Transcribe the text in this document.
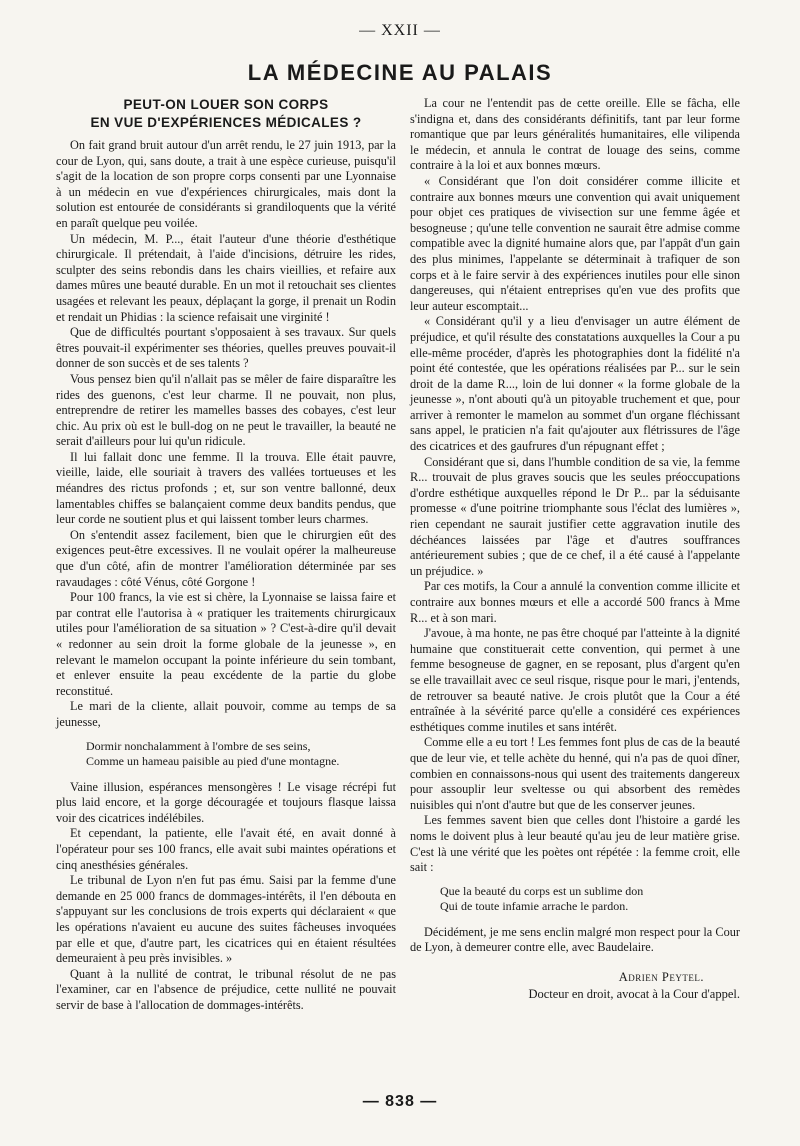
— XXII —
LA MÉDECINE AU PALAIS
PEUT-ON LOUER SON CORPS
EN VUE D'EXPÉRIENCES MÉDICALES ?

On fait grand bruit autour d'un arrêt rendu, le 27 juin 1913, par la cour de Lyon, qui, sans doute, a trait à une espèce curieuse, puisqu'il s'agit de la location de son propre corps consenti par une Lyonnaise à un médecin en vue d'expériences chirurgicales, mais dont la solution est entourée de considérants si grandiloquents que la vérité en paraît quelque peu voilée.

Un médecin, M. P..., était l'auteur d'une théorie d'esthétique chirurgicale. Il prétendait, à l'aide d'incisions, détruire les rides, sculpter des seins rebondis dans les chairs vieillies, et refaire aux dames mûres une beauté durable. En un mot il retouchait ses clientes usagées et relevant les peaux, déplaçant la gorge, il prenait un Rodin et rendait un Phidias : la science refaisait une virginité !

Que de difficultés pourtant s'opposaient à ses travaux. Sur quels êtres pouvait-il expérimenter ses théories, quelles preuves pouvait-il donner de son succès et de ses talents ?

Vous pensez bien qu'il n'allait pas se mêler de faire disparaître les rides des guenons, c'est leur charme. Il ne pouvait, non plus, entreprendre de retirer les mamelles basses des cobayes, c'est leur chic. Au prix où est le bull-dog on ne peut le travailler, la beauté ne serait d'ailleurs pour lui qu'un ridicule.

Il lui fallait donc une femme. Il la trouva. Elle était pauvre, vieille, laide, elle souriait à travers des vallées tortueuses et les méandres des rictus profonds ; et, sur son ventre ballonné, deux lamentables chiffes se balançaient comme deux bandits pendus, que leur corde ne soutient plus et qui laissent tomber leurs charmes.

On s'entendit assez facilement, bien que le chirurgien eût des exigences peut-être excessives. Il ne voulait opérer la malheureuse que d'un côté, afin de montrer l'amélioration déterminée par ses ravaudages : côté Vénus, côté Gorgone !

Pour 100 francs, la vie est si chère, la Lyonnaise se laissa faire et par contrat elle l'autorisa à « pratiquer les traitements chirurgicaux utiles pour l'amélioration de sa situation » ? C'est-à-dire qu'il devait « redonner au sein droit la forme globale de la jeunesse », en relevant le mamelon occupant la pointe inférieure du sein tombant, et enlever ensuite la peau excédente de la partie du globe reconstitué.

Le mari de la cliente, allait pouvoir, comme au temps de sa jeunesse,

Dormir nonchalamment à l'ombre de ses seins,
Comme un hameau paisible au pied d'une montagne.

Vaine illusion, espérances mensongères ! Le visage récrépi fut plus laid encore, et la gorge découragée et toujours flasque laissa voir des cicatrices indélébiles.

Et cependant, la patiente, elle l'avait été, en avait donné à l'opérateur pour ses 100 francs, elle avait subi maintes opérations et cinq anesthésies générales.

Le tribunal de Lyon n'en fut pas ému. Saisi par la femme d'une demande en 25 000 francs de dommages-intérêts, il l'en débouta en s'appuyant sur les conclusions de trois experts qui déclaraient « que les opérations n'avaient eu aucune des suites fâcheuses invoquées par elle et que, d'autre part, les cicatrices qui en étaient résultées demeuraient à peu près invisibles. »

Quant à la nullité de contrat, le tribunal résolut de ne pas l'examiner, car en l'absence de préjudice, cette nullité ne pouvait servir de base à l'allocation de dommages-intérêts.

La cour ne l'entendit pas de cette oreille. Elle se fâcha, elle s'indigna et, dans des considérants définitifs, tant par leur forme romantique que par leurs généralités humanitaires, elle vilipenda le médecin, et annula le contrat de louage des seins, comme contraire à la loi et aux bonnes mœurs.

« Considérant que l'on doit considérer comme illicite et contraire aux bonnes mœurs une convention qui avait uniquement pour objet ces pratiques de vivisection sur une femme âgée et besogneuse ; qu'une telle convention ne saurait être admise comme compatible avec la dignité humaine alors que, par l'appât d'un gain des plus minimes, l'appelante se déterminait à trafiquer de son corps et à le faire servir à des expériences inutiles pour elle sinon dangereuses, qui n'étaient entreprises qu'en vue des profits que leur auteur escomptait...

« Considérant qu'il y a lieu d'envisager un autre élément de préjudice, et qu'il résulte des constatations auxquelles la Cour a pu elle-même procéder, d'après les photographies dont la fidélité n'a point été contestée, que les opérations réalisées par P... sur le sein droit de la dame R..., loin de lui donner « la forme globale de la jeunesse », n'ont abouti qu'à un pitoyable truchement et que, pour arriver à remonter le mamelon au sommet d'un organe fléchissant sans appel, le praticien n'a fait qu'ajouter aux flétrissures de l'âge des cicatrices et des gaufrures d'un répugnant effet ;

Considérant que si, dans l'humble condition de sa vie, la femme R... trouvait de plus graves soucis que les seules préoccupations d'ordre esthétique auxquelles répond le Dr P... par la séduisante promesse « d'une poitrine triomphante sous l'éclat des lumières », rien cependant ne saurait justifier cette aggravation inutile des déchéances laissées par l'âge et d'autres souffrances antérieurement subies ; que de ce chef, il a été causé à l'appelante un préjudice. »

Par ces motifs, la Cour a annulé la convention comme illicite et contraire aux bonnes mœurs et elle a accordé 500 francs à Mme R... et à son mari.

J'avoue, à ma honte, ne pas être choqué par l'atteinte à la dignité humaine que constituerait cette convention, qui permet à une femme besogneuse de gagner, en se reposant, plus d'argent qu'en se elle travaillait avec ce seul risque, risque pour le mari, j'entends, de retrouver sa beauté native. Je crois plutôt que la Cour a été entraînée à la sévérité parce qu'elle a considéré ces expériences esthétiques comme inutiles et sans intérêt.

Comme elle a eu tort ! Les femmes font plus de cas de la beauté que de leur vie, et telle achète du henné, qui n'a pas de quoi dîner, combien en connaissons-nous qui usent des traitements dangereux pour assouplir leur sveltesse ou qui absorbent des remèdes nuisibles qui n'ont d'autre but que de les conserver jeunes.

Les femmes savent bien que celles dont l'histoire a gardé les noms le doivent plus à leur beauté qu'au jeu de leur matière grise. C'est là une vérité que les poètes ont répétée : la femme croit, elle sait :

Que la beauté du corps est un sublime don
Qui de toute infamie arrache le pardon.

Décidément, je me sens enclin malgré mon respect pour la Cour de Lyon, à demeurer contre elle, avec Baudelaire.

Adrien Peytel.
Docteur en droit, avocat à la Cour d'appel.
— 838 —
